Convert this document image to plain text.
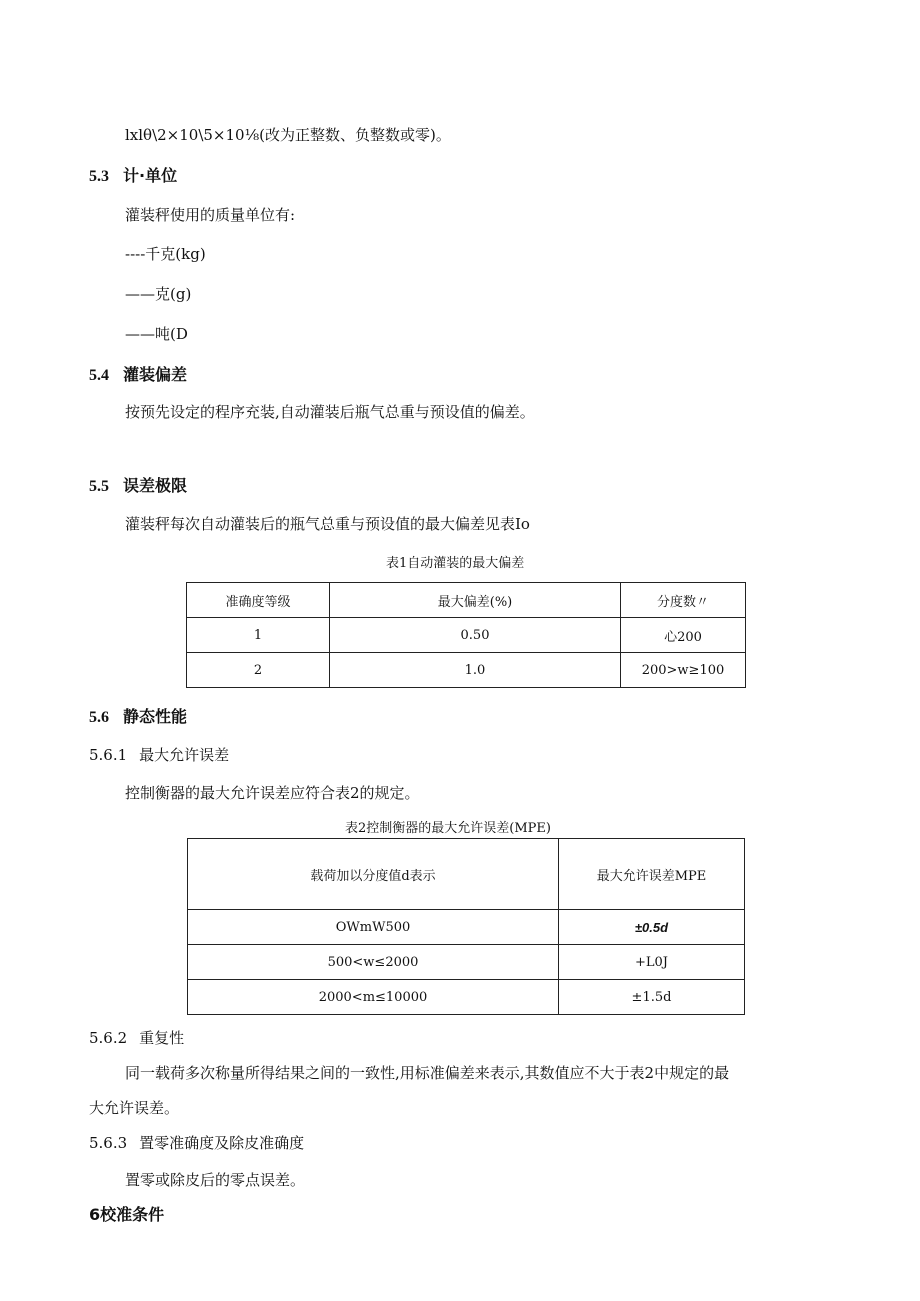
lxlθ\2×10\5×10⅛(改为正整数、负整数或零)。
5.3 计·单位
灌装秤使用的质量单位有:
----千克(kg)
——克(g)
——吨(D
5.4 灌装偏差
按预先设定的程序充装,自动灌装后瓶气总重与预设值的偏差。
5.5 误差极限
灌装秤每次自动灌装后的瓶气总重与预设值的最大偏差见表Io
表1自动灌装的最大偏差
准确度等级	最大偏差(%)	分度数〃
1	0.50	心200
2	1.0	200>w≥100
5.6 静态性能
5.6.1 最大允许误差
控制衡器的最大允许误差应符合表2的规定。
表2控制衡器的最大允许误差(MPE)
载荷加以分度值d表示	最大允许误差MPE
OWmW500	±0.5d
500<w≤2000	+L0J
2000<m≤10000	±1.5d
5.6.2 重复性
同一载荷多次称量所得结果之间的一致性,用标准偏差来表示,其数值应不大于表2中规定的最
大允许误差。
5.6.3 置零准确度及除皮准确度
置零或除皮后的零点误差。
6校准条件
